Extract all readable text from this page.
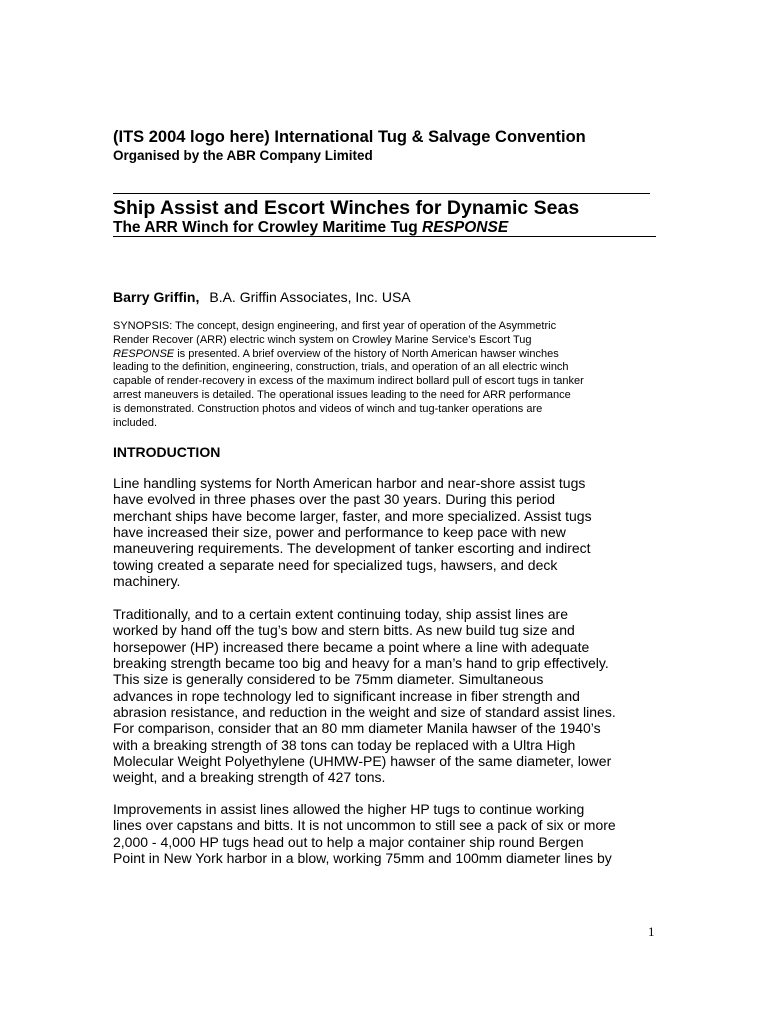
(ITS 2004 logo here) International Tug & Salvage Convention
Organised by the ABR Company Limited
Ship Assist and Escort Winches for Dynamic Seas
The ARR Winch for Crowley Maritime Tug RESPONSE
Barry Griffin, B.A. Griffin Associates, Inc. USA
SYNOPSIS: The concept, design engineering, and first year of operation of the Asymmetric
Render Recover (ARR) electric winch system on Crowley Marine Service’s Escort Tug
RESPONSE is presented. A brief overview of the history of North American hawser winches
leading to the definition, engineering, construction, trials, and operation of an all electric winch
capable of render-recovery in excess of the maximum indirect bollard pull of escort tugs in tanker
arrest maneuvers is detailed. The operational issues leading to the need for ARR performance
is demonstrated. Construction photos and videos of winch and tug-tanker operations are
included.
INTRODUCTION
Line handling systems for North American harbor and near-shore assist tugs
have evolved in three phases over the past 30 years. During this period
merchant ships have become larger, faster, and more specialized. Assist tugs
have increased their size, power and performance to keep pace with new
maneuvering requirements. The development of tanker escorting and indirect
towing created a separate need for specialized tugs, hawsers, and deck
machinery.
Traditionally, and to a certain extent continuing today, ship assist lines are
worked by hand off the tug’s bow and stern bitts. As new build tug size and
horsepower (HP) increased there became a point where a line with adequate
breaking strength became too big and heavy for a man’s hand to grip effectively.
This size is generally considered to be 75mm diameter. Simultaneous
advances in rope technology led to significant increase in fiber strength and
abrasion resistance, and reduction in the weight and size of standard assist lines.
For comparison, consider that an 80 mm diameter Manila hawser of the 1940’s
with a breaking strength of 38 tons can today be replaced with a Ultra High
Molecular Weight Polyethylene (UHMW-PE) hawser of the same diameter, lower
weight, and a breaking strength of 427 tons.
Improvements in assist lines allowed the higher HP tugs to continue working
lines over capstans and bitts. It is not uncommon to still see a pack of six or more
2,000 - 4,000 HP tugs head out to help a major container ship round Bergen
Point in New York harbor in a blow, working 75mm and 100mm diameter lines by
1
